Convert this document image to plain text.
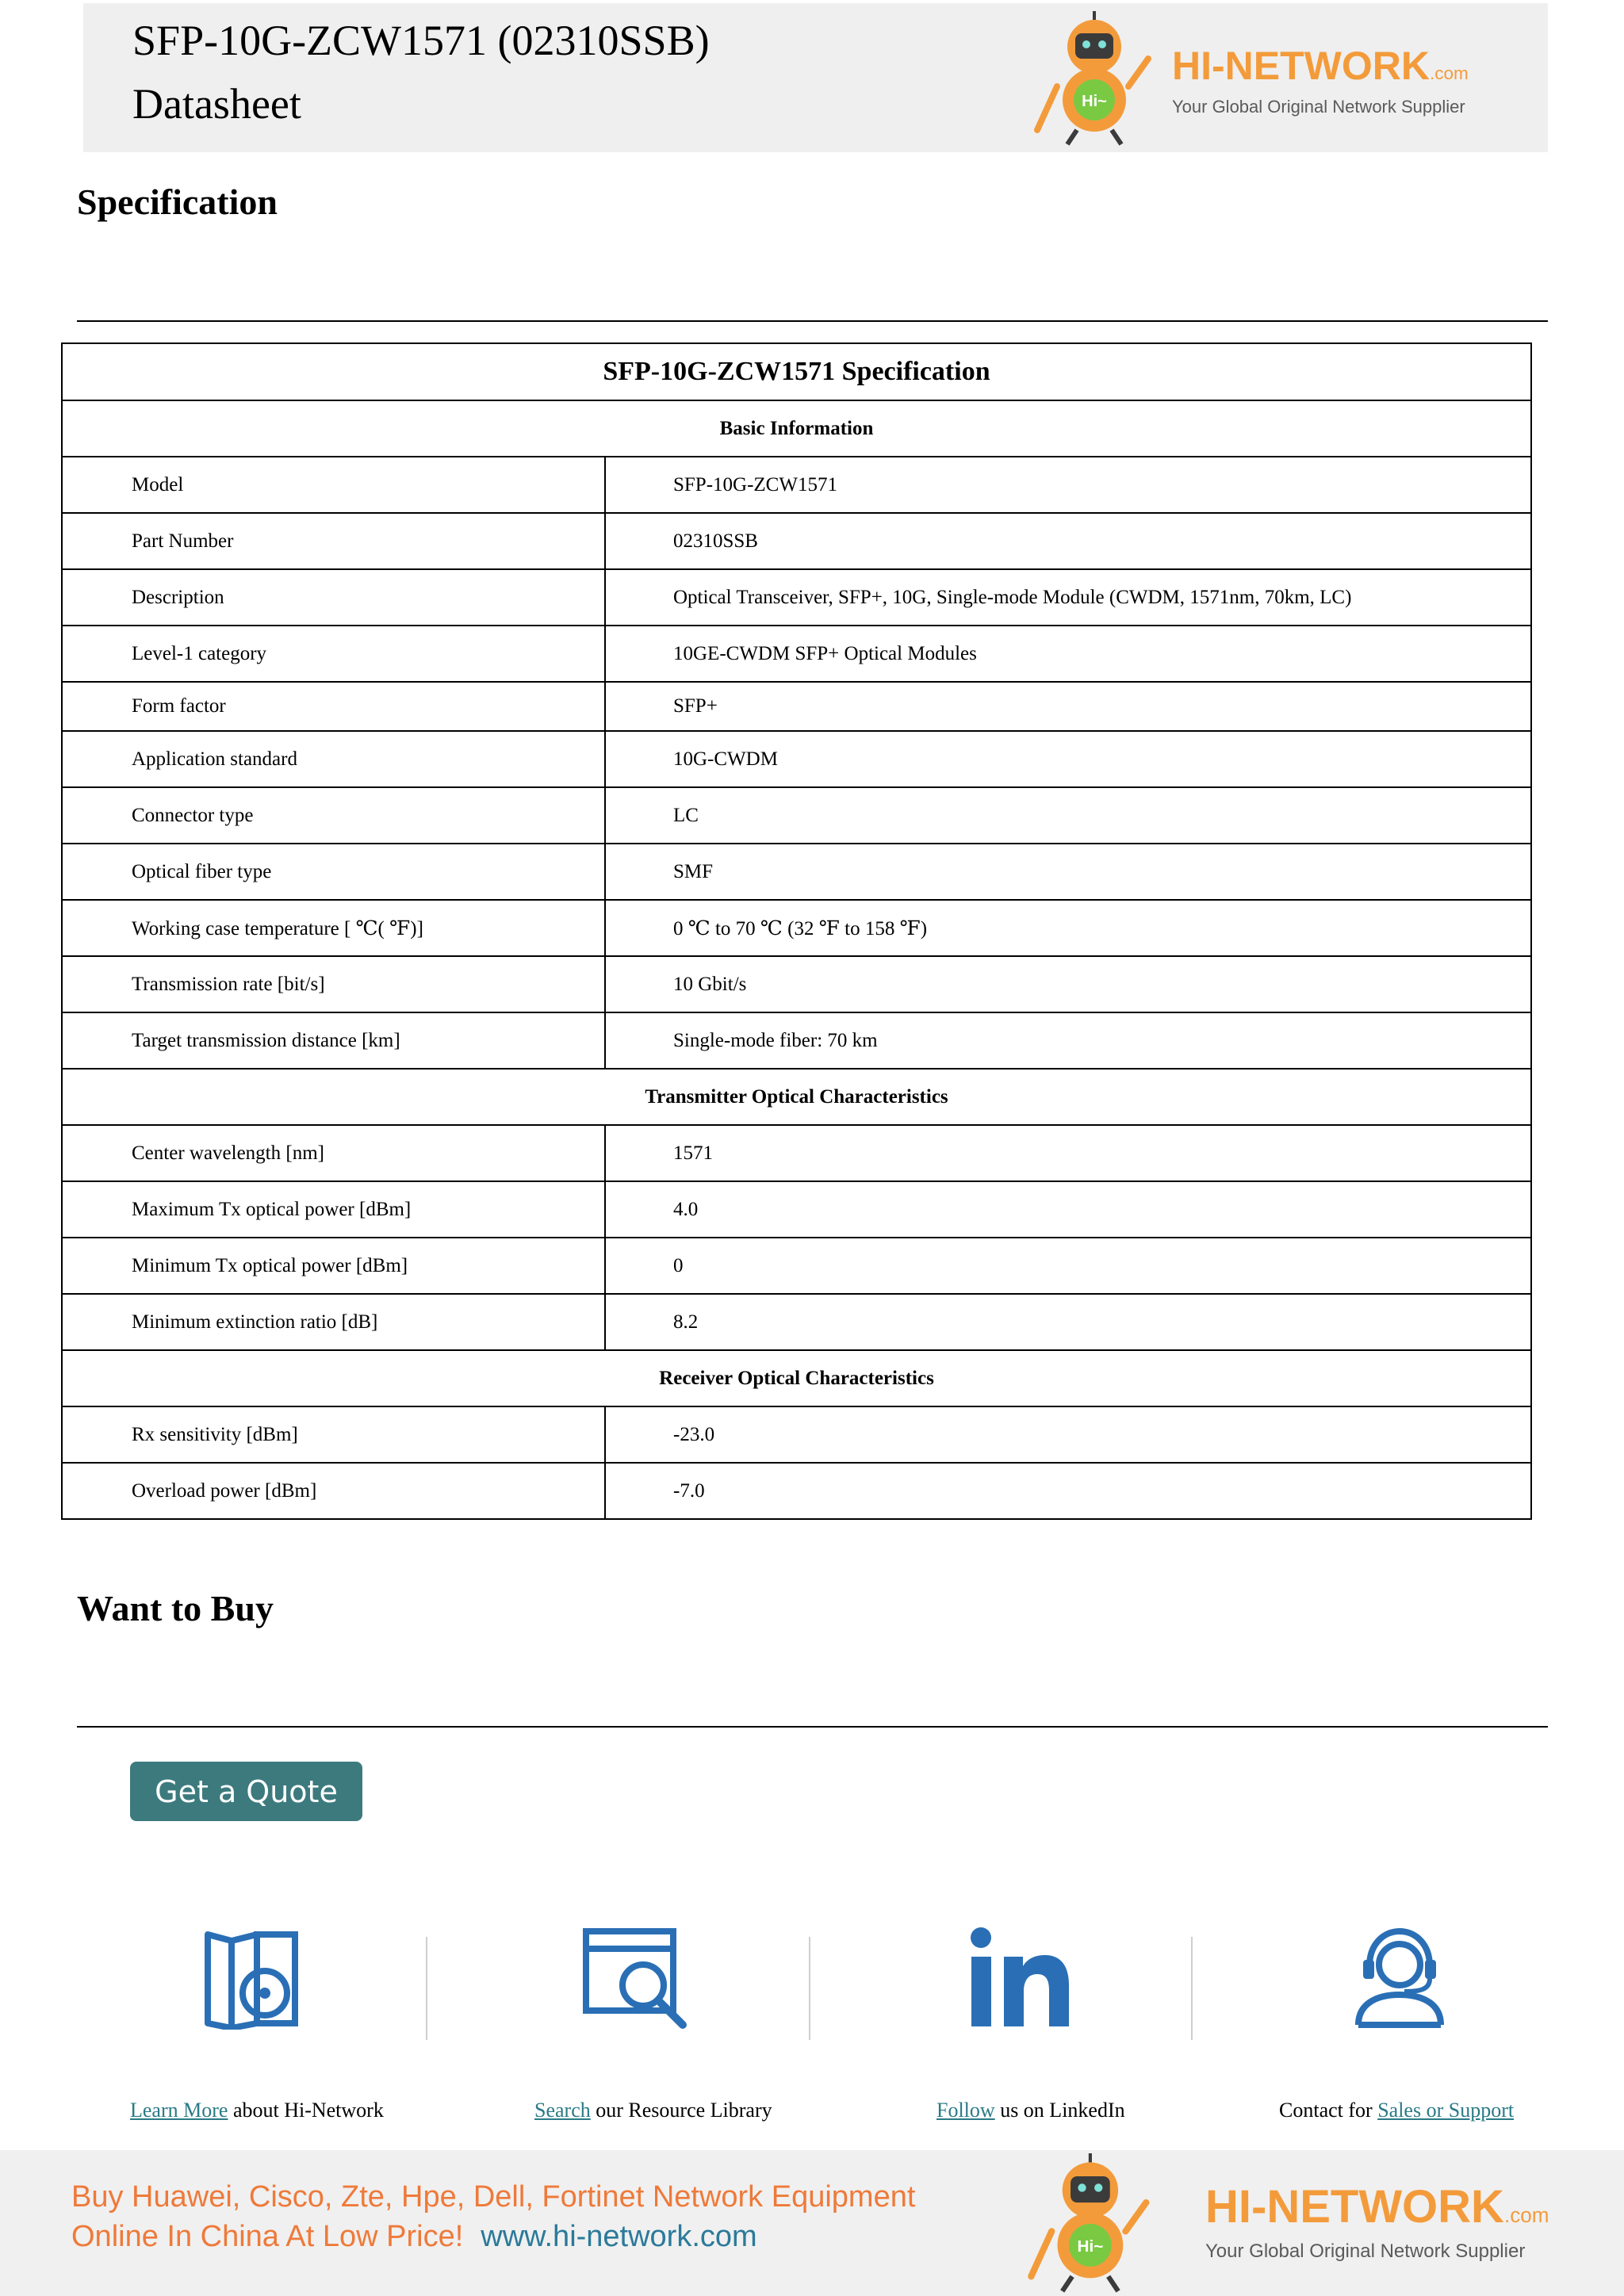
SFP-10G-ZCW1571 (02310SSB)
Datasheet	Hi~
HI-NETWORK.com
Your Global Original Network Supplier
Specification
SFP-10G-ZCW1571 Specification	
Basic Information	
Model	SFP-10G-ZCW1571
Part Number	02310SSB
Description	Optical Transceiver, SFP+, 10G, Single-mode Module (CWDM, 1571nm, 70km, LC)
Level-1 category	10GE-CWDM SFP+ Optical Modules
Form factor	SFP+
Application standard	10G-CWDM
Connector type	LC
Optical fiber type	SMF
Working case temperature [ ℃( ℉)]	0 ℃ to 70 ℃ (32 ℉ to 158 ℉)
Transmission rate [bit/s]	10 Gbit/s
Target transmission distance [km]	Single-mode fiber: 70 km
Transmitter Optical Characteristics	
Center wavelength [nm]	1571
Maximum Tx optical power [dBm]	4.0
Minimum Tx optical power [dBm]	0
Minimum extinction ratio [dB]	8.2
Receiver Optical Characteristics	
Rx sensitivity [dBm]	-23.0
Overload power [dBm]	-7.0
Want to Buy
Get a Quote
Learn More about Hi-Network	Search our Resource Library	Follow us on LinkedIn	Contact for Sales or Support
Buy Huawei, Cisco, Zte, Hpe, Dell, Fortinet Network Equipment
Online In China At Low Price! www.hi-network.com	Hi~
HI-NETWORK.com
Your Global Original Network Supplier
